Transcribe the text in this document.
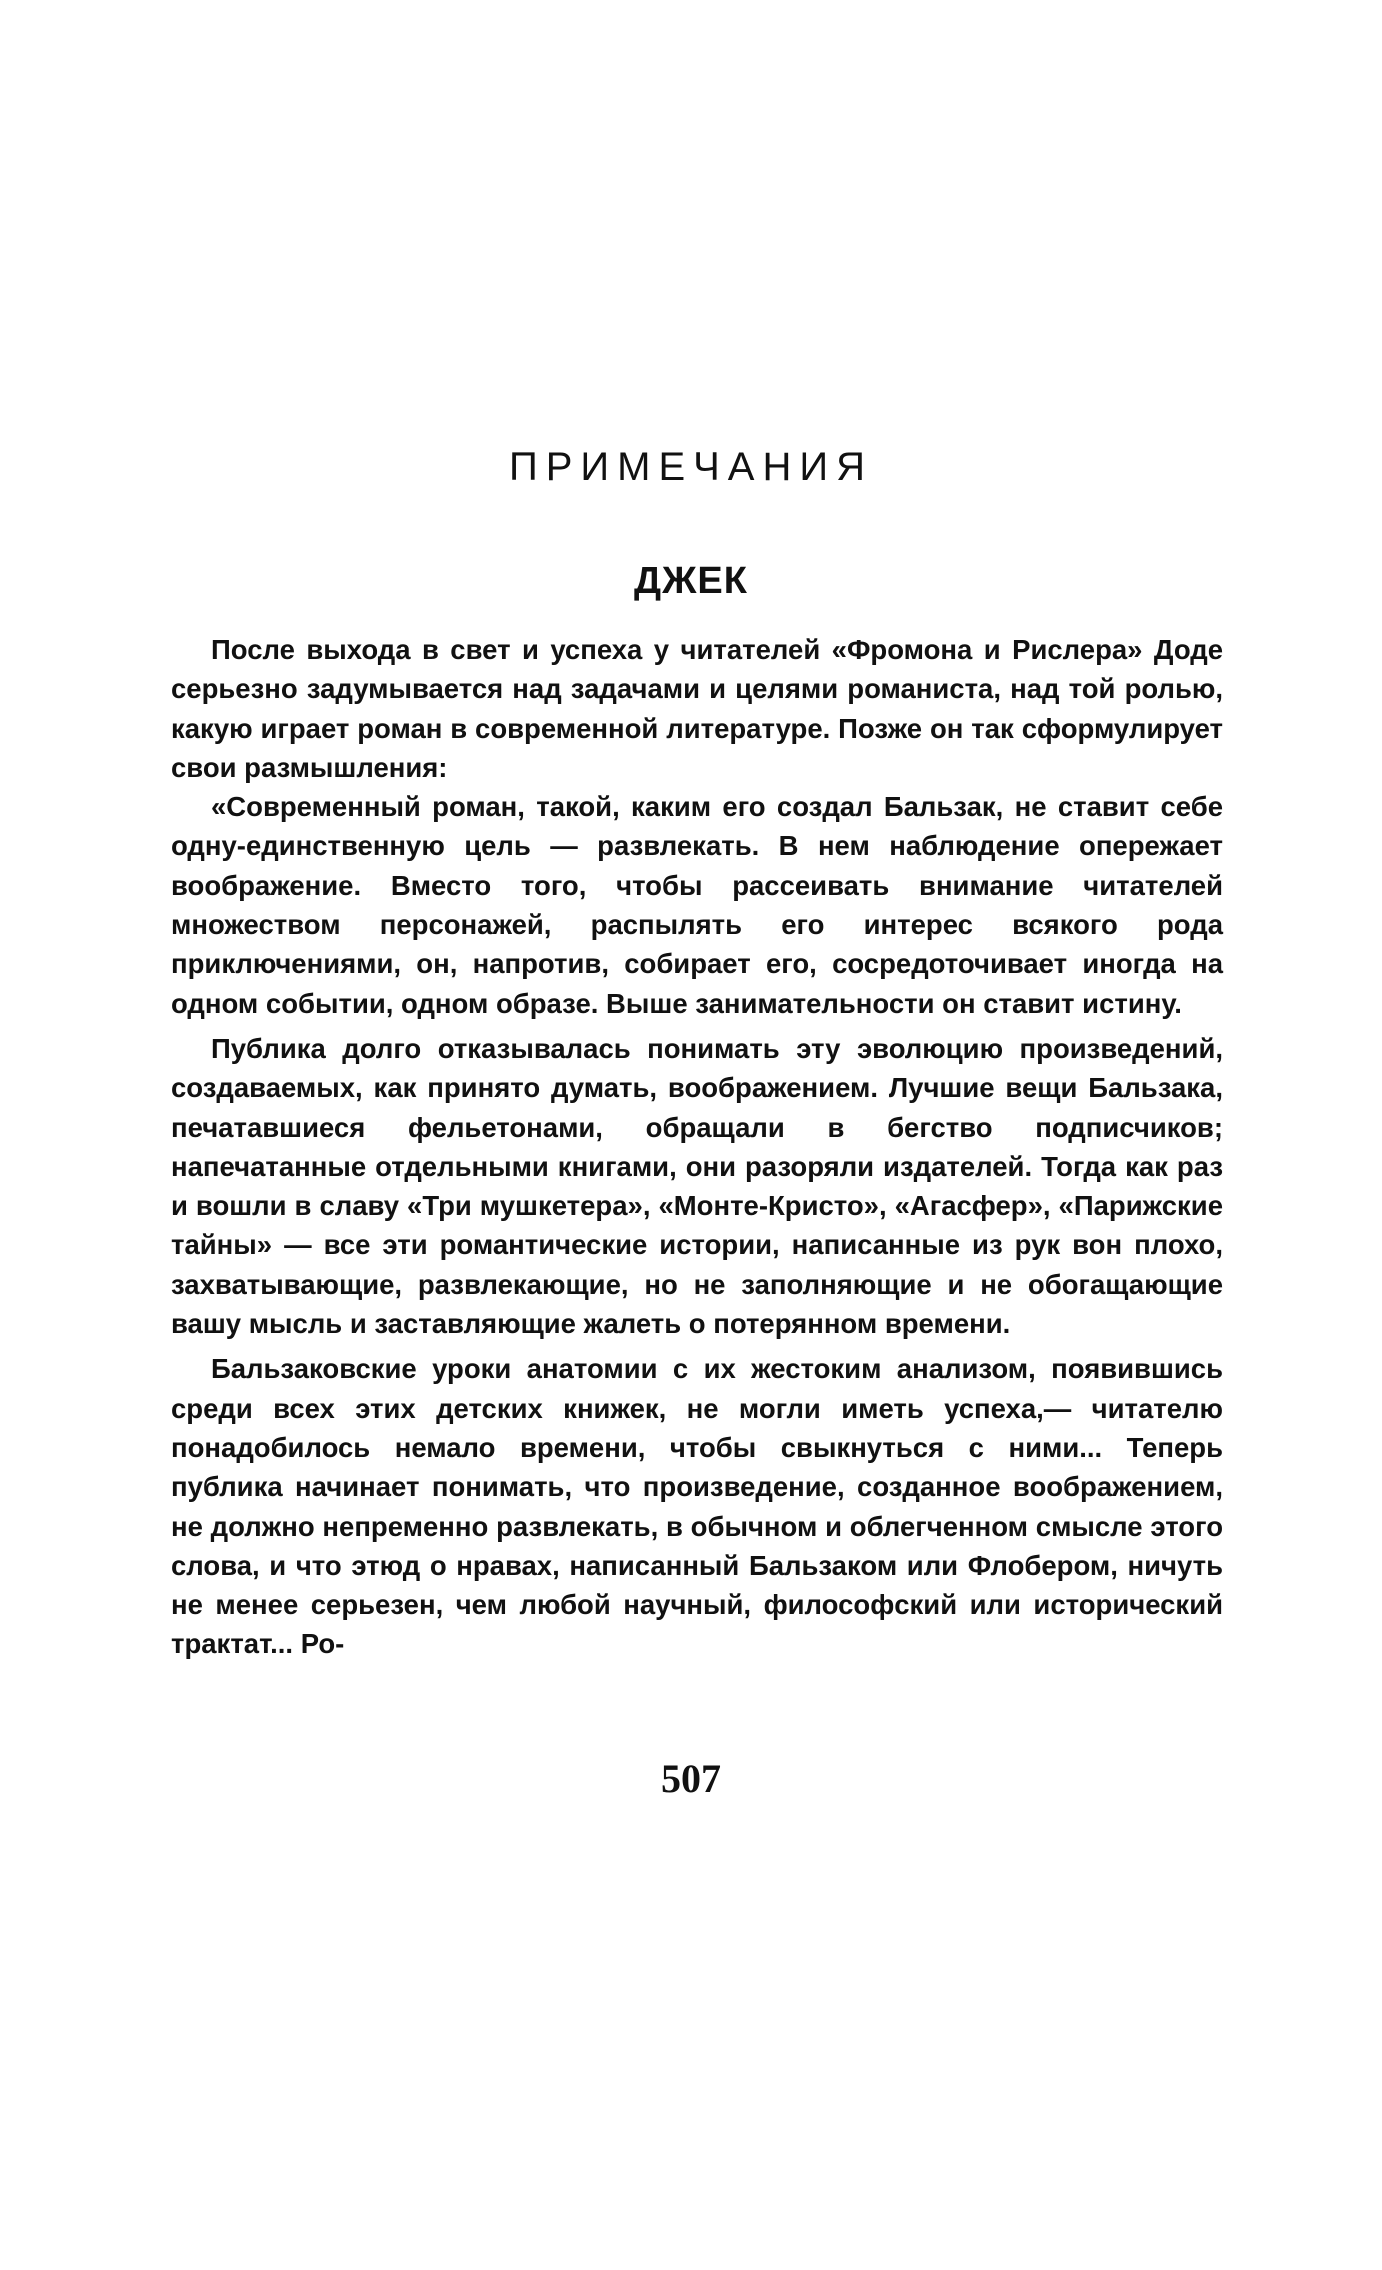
ПРИМЕЧАНИЯ
ДЖЕК

После выхода в свет и успеха у читателей «Фромона и Рислера» Доде серьезно задумывается над задачами и целями романиста, над той ролью, какую играет роман в современной литературе. Позже он так сформулирует свои размышления:

«Современный роман, такой, каким его создал Бальзак, не ставит себе одну-единственную цель — развлекать. В нем наблюдение опережает воображение. Вместо того, чтобы рассеивать внимание читателей множеством персонажей, распылять его интерес всякого рода приключениями, он, напротив, собирает его, сосредоточивает иногда на одном событии, одном образе. Выше занимательности он ставит истину.

Публика долго отказывалась понимать эту эволюцию произведений, создаваемых, как принято думать, воображением. Лучшие вещи Бальзака, печатавшиеся фельетонами, обращали в бегство подписчиков; напечатанные отдельными книгами, они разоряли издателей. Тогда как раз и вошли в славу «Три мушкетера», «Монте-Кристо», «Агасфер», «Парижские тайны» — все эти романтические истории, написанные из рук вон плохо, захватывающие, развлекающие, но не заполняющие и не обогащающие вашу мысль и заставляющие жалеть о потерянном времени.

Бальзаковские уроки анатомии с их жестоким анализом, появившись среди всех этих детских книжек, не могли иметь успеха,— читателю понадобилось немало времени, чтобы свыкнуться с ними... Теперь публика начинает понимать, что произведение, созданное воображением, не должно непременно развлекать, в обычном и облегченном смысле этого слова, и что этюд о нравах, написанный Бальзаком или Флобером, ничуть не менее серьезен, чем любой научный, философский или исторический трактат... Ро-

507
